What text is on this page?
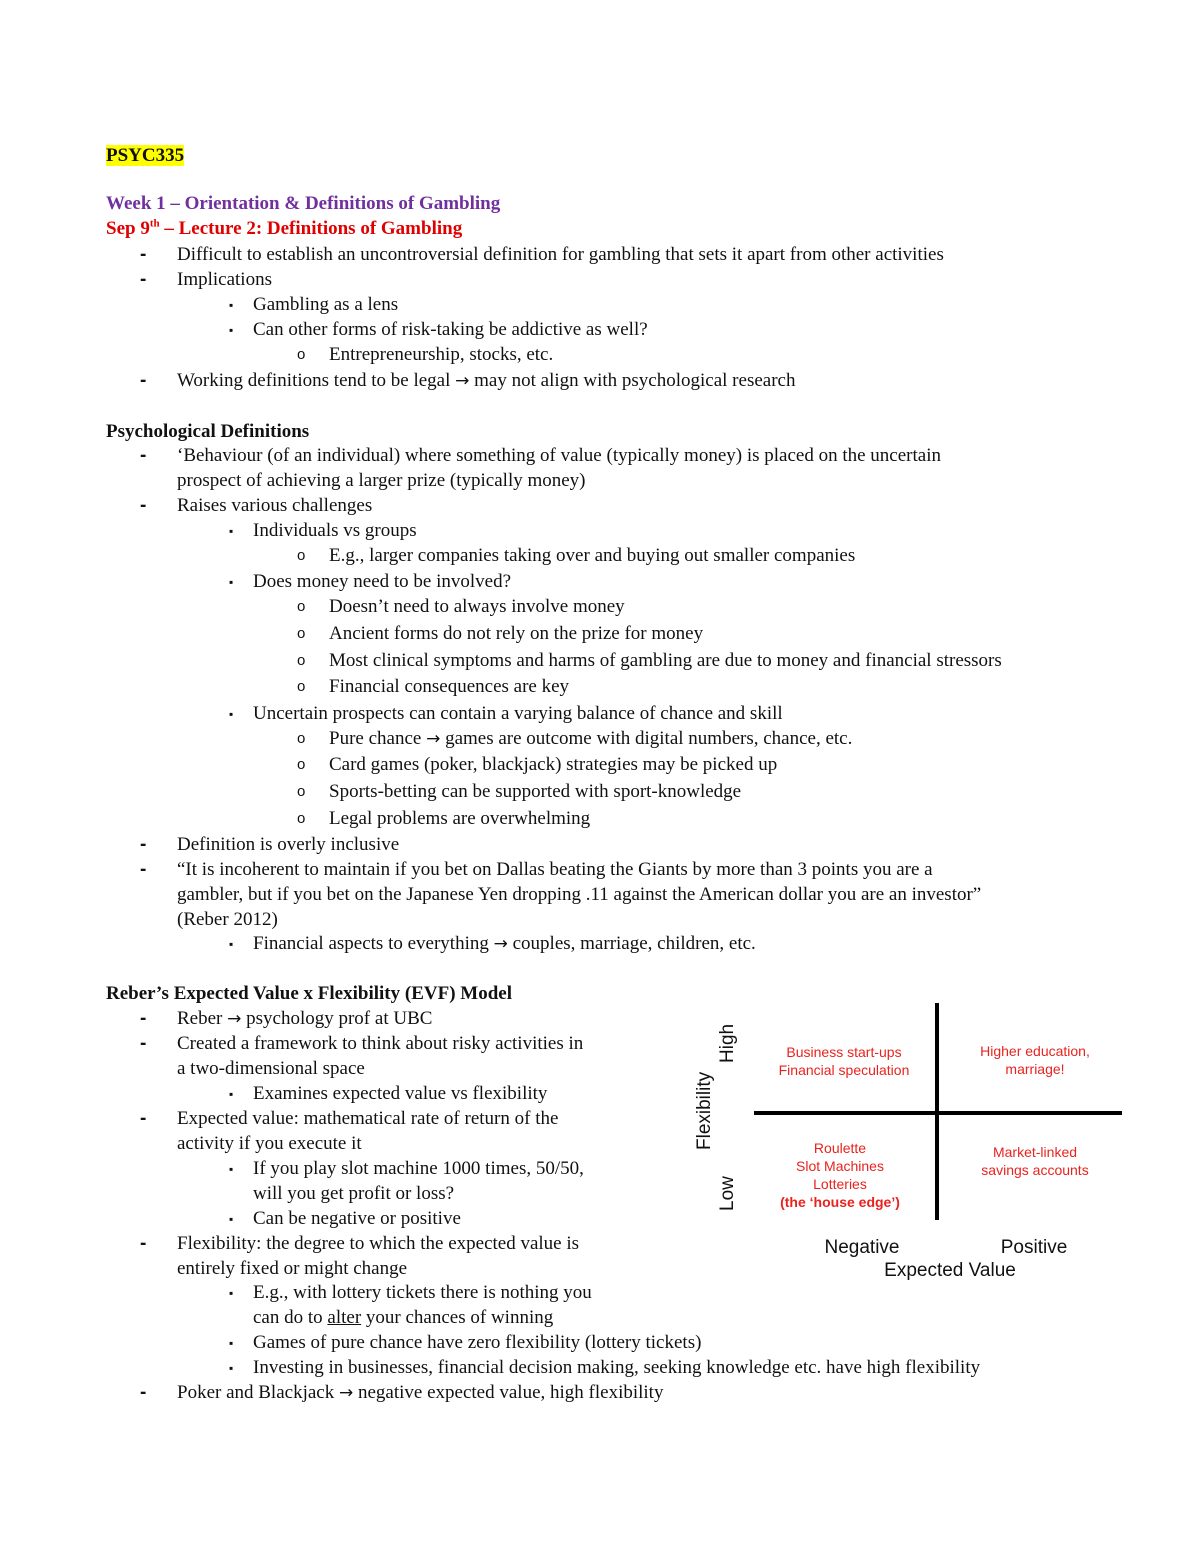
PSYC335
Week 1 – Orientation & Definitions of Gambling
Sep 9th – Lecture 2: Definitions of Gambling
- Difficult to establish an uncontroversial definition for gambling that sets it apart from other activities
- Implications
▪ Gambling as a lens
▪ Can other forms of risk-taking be addictive as well?
o Entrepreneurship, stocks, etc.
- Working definitions tend to be legal → may not align with psychological research
Psychological Definitions
- ‘Behaviour (of an individual) where something of value (typically money) is placed on the uncertain
prospect of achieving a larger prize (typically money)
- Raises various challenges
▪ Individuals vs groups
o E.g., larger companies taking over and buying out smaller companies
▪ Does money need to be involved?
o Doesn’t need to always involve money
o Ancient forms do not rely on the prize for money
o Most clinical symptoms and harms of gambling are due to money and financial stressors
o Financial consequences are key
▪ Uncertain prospects can contain a varying balance of chance and skill
o Pure chance → games are outcome with digital numbers, chance, etc.
o Card games (poker, blackjack) strategies may be picked up
o Sports-betting can be supported with sport-knowledge
o Legal problems are overwhelming
- Definition is overly inclusive
- “It is incoherent to maintain if you bet on Dallas beating the Giants by more than 3 points you are a
gambler, but if you bet on the Japanese Yen dropping .11 against the American dollar you are an investor”
(Reber 2012)
▪ Financial aspects to everything → couples, marriage, children, etc.
Reber’s Expected Value x Flexibility (EVF) Model
- Reber → psychology prof at UBC
- Created a framework to think about risky activities in
a two-dimensional space
▪ Examines expected value vs flexibility
- Expected value: mathematical rate of return of the
activity if you execute it
▪ If you play slot machine 1000 times, 50/50,
will you get profit or loss?
▪ Can be negative or positive
- Flexibility: the degree to which the expected value is
entirely fixed or might change
▪ E.g., with lottery tickets there is nothing you
can do to alter your chances of winning
▪ Games of pure chance have zero flexibility (lottery tickets)
▪ Investing in businesses, financial decision making, seeking knowledge etc. have high flexibility
- Poker and Blackjack → negative expected value, high flexibility
Flexibility
High
Low
Business start-ups
Financial speculation
Higher education,
marriage!
Roulette
Slot Machines
Lotteries
(the ‘house edge’)
Market-linked
savings accounts
Negative	Positive
Expected Value
